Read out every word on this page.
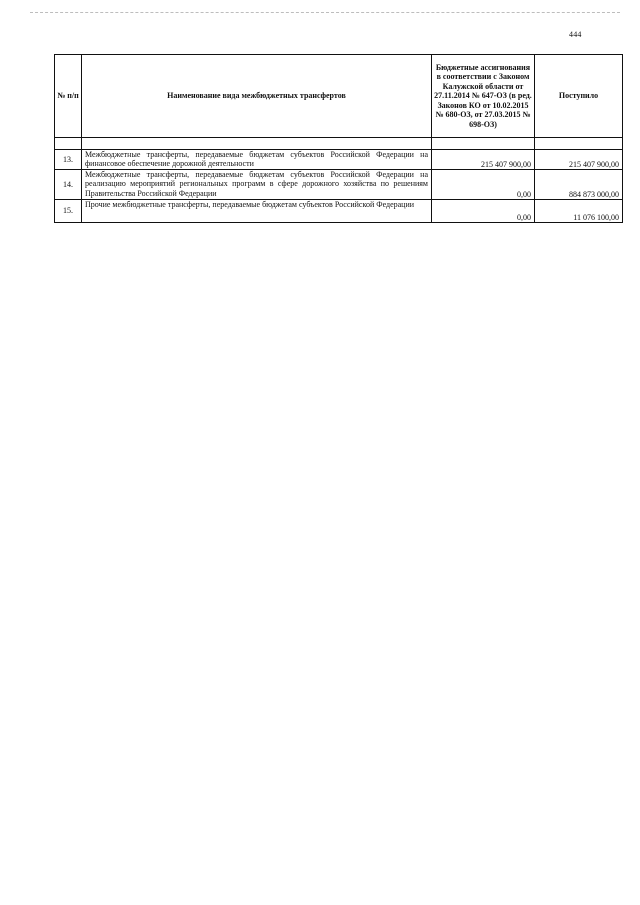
444
№ п/п	Наименование вида межбюджетных трансфертов	Бюджетные ассигнования в соответствии с Законом Калужской области от 27.11.2014 № 647-ОЗ (в ред. Законов КО от 10.02.2015 № 680-ОЗ, от 27.03.2015 № 698-ОЗ)	Поступило

13.	Межбюджетные трансферты, передаваемые бюджетам субъектов Российской Федерации на финансовое обеспечение дорожной деятельности	215 407 900,00	215 407 900,00
14.	Межбюджетные трансферты, передаваемые бюджетам субъектов Российской Федерации на реализацию мероприятий региональных программ в сфере дорожного хозяйства по решениям Правительства Российской Федерации	0,00	884 873 000,00
15.	Прочие межбюджетные трансферты, передаваемые бюджетам субъектов Российской Федерации	0,00	11 076 100,00
